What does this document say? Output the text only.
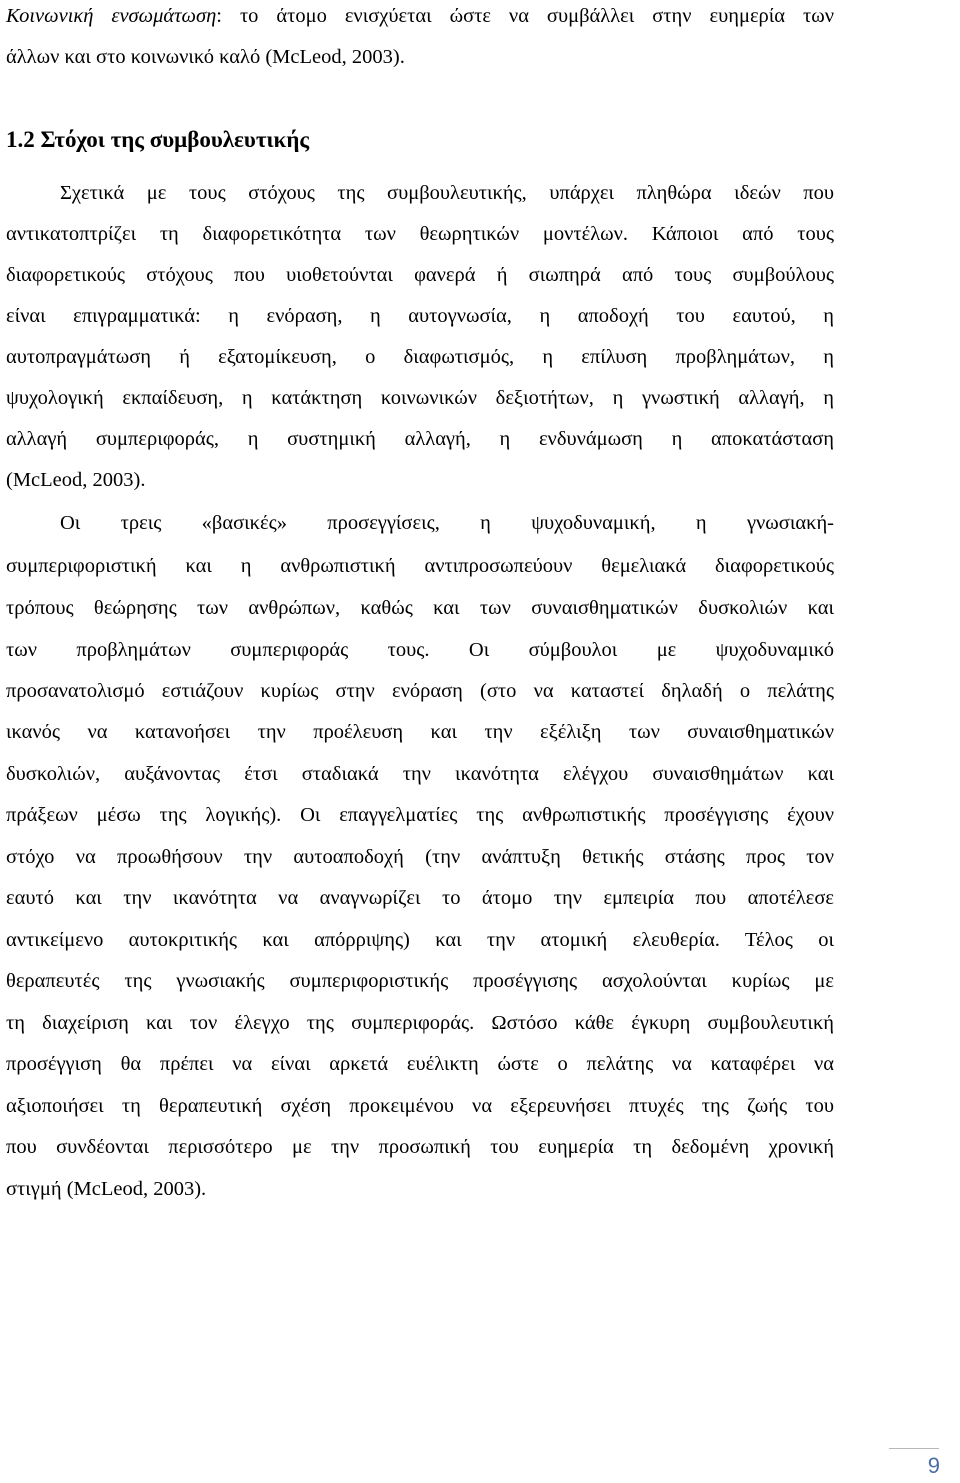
Κοινωνική ενσωμάτωση: το άτομο ενισχύεται ώστε να συμβάλλει στην ευημερία των
άλλων και στο κοινωνικό καλό (McLeod, 2003).
1.2 Στόχοι της συμβουλευτικής
Σχετικά με τους στόχους της συμβουλευτικής, υπάρχει πληθώρα ιδεών που
αντικατοπτρίζει τη διαφορετικότητα των θεωρητικών μοντέλων. Κάποιοι από τους
διαφορετικούς στόχους που υιοθετούνται φανερά ή σιωπηρά από τους συμβούλους
είναι επιγραμματικά: η ενόραση, η αυτογνωσία, η αποδοχή του εαυτού, η
αυτοπραγμάτωση ή εξατομίκευση, ο διαφωτισμός, η επίλυση προβλημάτων, η
ψυχολογική εκπαίδευση, η κατάκτηση κοινωνικών δεξιοτήτων, η γνωστική αλλαγή, η
αλλαγή συμπεριφοράς, η συστημική αλλαγή, η ενδυνάμωση η αποκατάσταση
(McLeod, 2003).
Οι τρεις «βασικές» προσεγγίσεις, η ψυχοδυναμική, η γνωσιακή-
συμπεριφοριστική και η ανθρωπιστική αντιπροσωπεύουν θεμελιακά διαφορετικούς
τρόπους θεώρησης των ανθρώπων, καθώς και των συναισθηματικών δυσκολιών και
των προβλημάτων συμπεριφοράς τους. Οι σύμβουλοι με ψυχοδυναμικό
προσανατολισμό εστιάζουν κυρίως στην ενόραση (στο να καταστεί δηλαδή ο πελάτης
ικανός να κατανοήσει την προέλευση και την εξέλιξη των συναισθηματικών
δυσκολιών, αυξάνοντας έτσι σταδιακά την ικανότητα ελέγχου συναισθημάτων και
πράξεων μέσω της λογικής). Οι επαγγελματίες της ανθρωπιστικής προσέγγισης έχουν
στόχο να προωθήσουν την αυτοαποδοχή (την ανάπτυξη θετικής στάσης προς τον
εαυτό και την ικανότητα να αναγνωρίζει το άτομο την εμπειρία που αποτέλεσε
αντικείμενο αυτοκριτικής και απόρριψης) και την ατομική ελευθερία. Τέλος οι
θεραπευτές της γνωσιακής συμπεριφοριστικής προσέγγισης ασχολούνται κυρίως με
τη διαχείριση και τον έλεγχο της συμπεριφοράς. Ωστόσο κάθε έγκυρη συμβουλευτική
προσέγγιση θα πρέπει να είναι αρκετά ευέλικτη ώστε ο πελάτης να καταφέρει να
αξιοποιήσει τη θεραπευτική σχέση προκειμένου να εξερευνήσει πτυχές της ζωής του
που συνδέονται περισσότερο με την προσωπική του ευημερία τη δεδομένη χρονική
στιγμή (McLeod, 2003).
9
